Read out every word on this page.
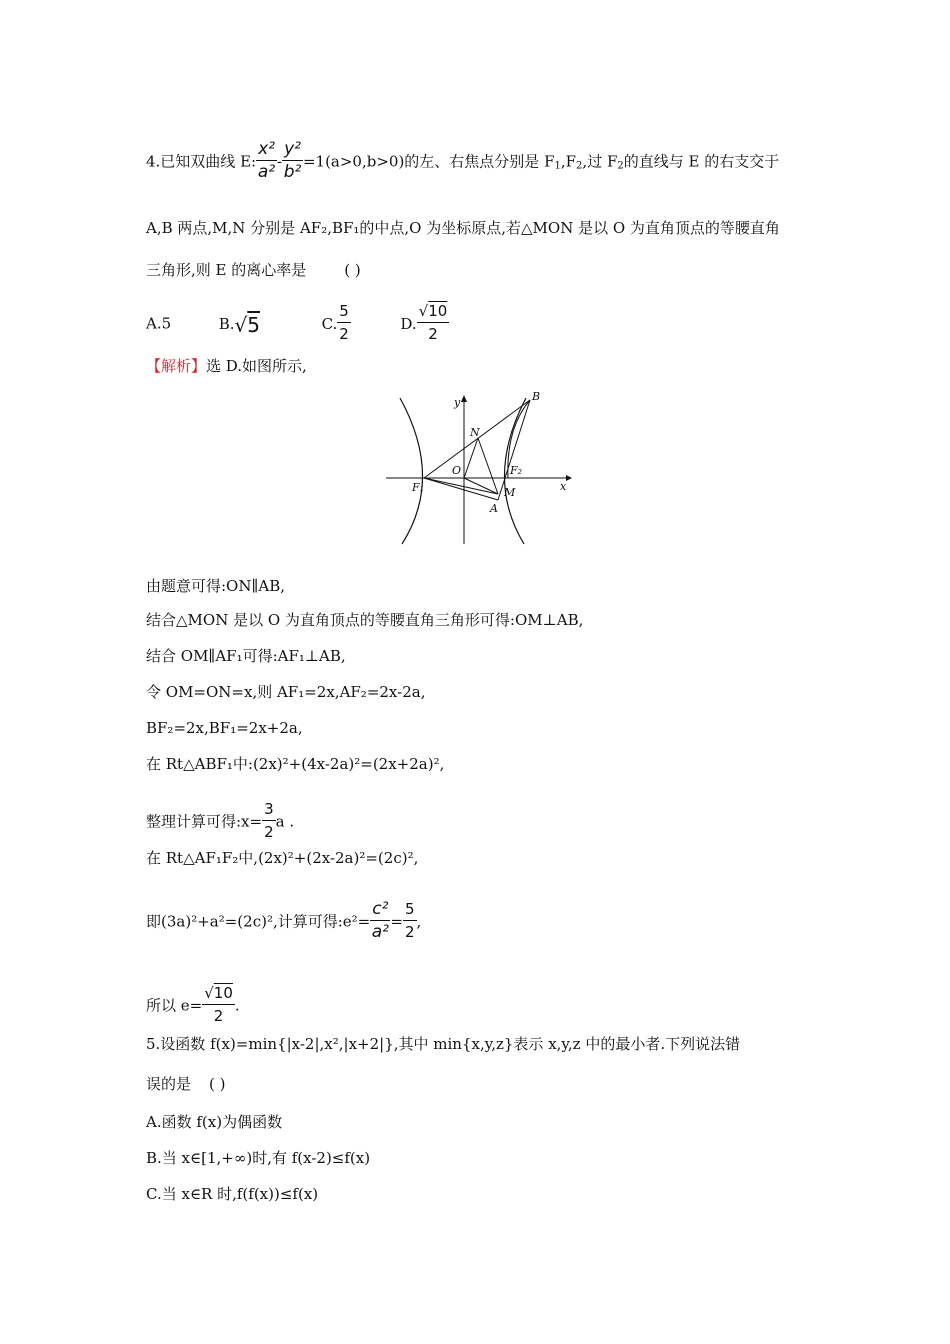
4.已知双曲线 E: $\frac{\text{x²}}{\text{a²}} - \frac{\text{y²}}{\text{b²}} =1(a>0,b>0)$的左、右焦点分别是 $F_1,F_2$,过 $F_2$的直线与 E 的右支交于
A,B 两点,M,N 分别是 AF₂,BF₁的中点,O 为坐标原点,若△MON 是以 O 为直角顶点的等腰直角
三角形,则 E 的离心率是	( )
A.5	B.√5	C. $\frac{5}{2}$	D. $\frac{√10}{2}$
【解析】选 D.如图所示,
y
x
B
N
O	F₂
F₁	M
A
由题意可得:ON∥AB,
结合△MON 是以 O 为直角顶点的等腰直角三角形可得:OM⊥AB,
结合 OM∥AF₁可得:AF₁⊥AB,
令 OM=ON=x,则 AF₁=2x,AF₂=2x-2a,
BF₂=2x,BF₁=2x+2a,
在 Rt△ABF₁中:(2x)²+(4x-2a)²=(2x+2a)²,
整理计算可得:x= $\frac{3}{2}$ a .
在 Rt△AF₁F₂中,(2x)²+(2x-2a)²=(2c)²,
即(3a)²+a²=(2c)²,计算可得:e²= $\frac{\text{c²}}{\text{a²}} = \frac{5}{2}$ ,
所以 $e= \frac{√10}{2}$ .
5.设函数 f(x)=min{|x-2|,x²,|x+2|},其中 min{x,y,z}表示 x,y,z 中的最小者.下列说法错
误的是 ( )
A.函数 f(x)为偶函数
B.当 x∈[1,+∞)时,有 f(x-2)≤f(x)
C.当 x∈R 时,f(f(x))≤f(x)
